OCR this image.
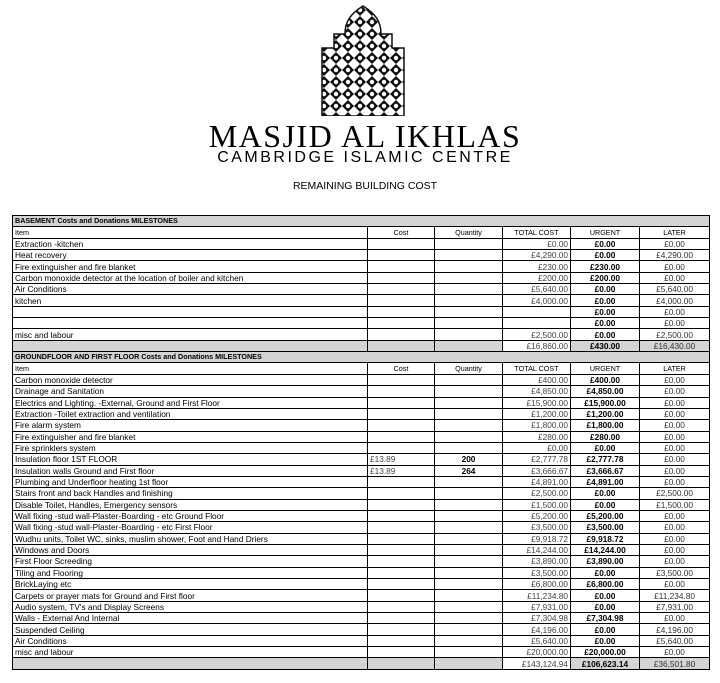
MASJID AL IKHLAS
CAMBRIDGE ISLAMIC CENTRE
REMAINING BUILDING COST
BASEMENT Costs and Donations MILESTONES					
Item	Cost	Quantity	TOTAL COST	URGENT	LATER
Extraction -kitchen			£0.00	£0.00	£0.00
Heat recovery			£4,290.00	£0.00	£4,290.00
Fire extinguisher and fire blanket			£230.00	£230.00	£0.00
Carbon monoxide detector at the location of boiler and kitchen			£200.00	£200.00	£0.00
Air Conditions			£5,640.00	£0.00	£5,640.00
kitchen			£4,000.00	£0.00	£4,000.00
				£0.00	£0.00
				£0.00	£0.00
misc and labour			£2,500.00	£0.00	£2,500.00
			£16,860.00	£430.00	£16,430.00
GROUNDFLOOR AND FIRST FLOOR Costs and Donations MILESTONES					
Item	Cost	Quantity	TOTAL COST	URGENT	LATER
Carbon monoxide detector			£400.00	£400.00	£0.00
Drainage and Sanitation			£4,850.00	£4,850.00	£0.00
Electrics and Lighting. -External, Ground and First Floor			£15,900.00	£15,900.00	£0.00
Extraction -Toilet extraction and ventilation			£1,200.00	£1,200.00	£0.00
Fire alarm system			£1,800.00	£1,800.00	£0.00
Fire extinguisher and fire blanket			£280.00	£280.00	£0.00
Fire sprinklers system			£0.00	£0.00	£0.00
Insulation floor 1ST FLOOR	£13.89	200	£2,777.78	£2,777.78	£0.00
Insulation walls Ground and First floor	£13.89	264	£3,666.67	£3,666.67	£0.00
Plumbing and Underfloor heating 1st floor			£4,891.00	£4,891.00	£0.00
Stairs front and back Handles and finishing			£2,500.00	£0.00	£2,500.00
Disable Toilet, Handles, Emergency sensors			£1,500.00	£0.00	£1,500.00
Wall fixing -stud wall-Plaster-Boarding - etc Ground Floor			£5,200.00	£5,200.00	£0.00
Wall fixing -stud wall-Plaster-Boarding - etc First Floor			£3,500.00	£3,500.00	£0.00
Wudhu units, Toilet WC, sinks, muslim shower, Foot and Hand Driers			£9,918.72	£9,918.72	£0.00
Windows and Doors			£14,244.00	£14,244.00	£0.00
First Floor Screeding			£3,890.00	£3,890.00	£0.00
Tiling and Flooring			£3,500.00	£0.00	£3,500.00
BrickLaying etc			£6,800.00	£6,800.00	£0.00
Carpets or prayer mats for Ground and First floor			£11,234.80	£0.00	£11,234.80
Audio system, TV's and Display Screens			£7,931.00	£0.00	£7,931.00
Walls - External And Internal			£7,304.98	£7,304.98	£0.00
Suspended Ceiling			£4,196.00	£0.00	£4,196.00
Air Conditions			£5,640.00	£0.00	£5,640.00
misc and labour			£20,000.00	£20,000.00	£0.00
			£143,124.94	£106,623.14	£36,501.80
